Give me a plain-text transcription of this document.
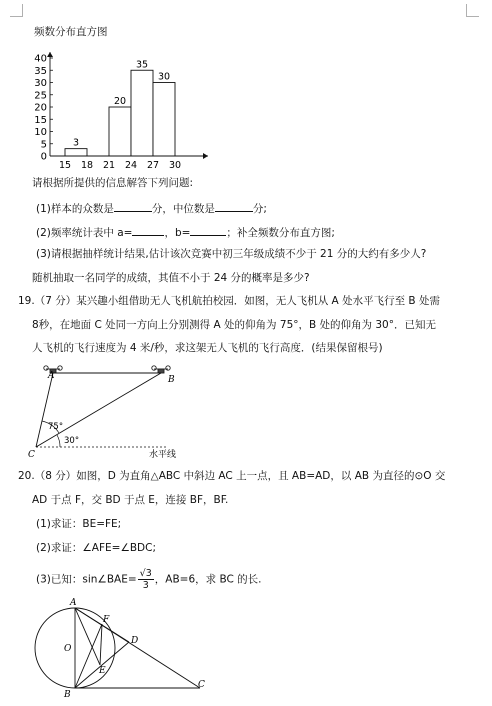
频数分布直方图
0
5
10
15
20
25
30
35
40
3
20
35
30
15 18 21 24 27 30
请根据所提供的信息解答下列问题:
(1)样本的众数是	分，中位数是	分;
(2)频率统计表中 a=	，b=	；补全频数分布直方图;
(3)请根据抽样统计结果,估计该次竞赛中初三年级成绩不少于 21 分的大约有多少人?
随机抽取一名同学的成绩，其值不小于 24 分的概率是多少?
19.（7 分）某兴趣小组借助无人飞机航拍校园．如图，无人飞机从 A 处水平飞行至 B 处需
8秒，在地面 C 处同一方向上分别测得 A 处的仰角为 75°，B 处的仰角为 30°．已知无
人飞机的飞行速度为 4 米/秒，求这架无人飞机的飞行高度．(结果保留根号)
A	B
C
75°
30°
水平线
20.（8 分）如图，D 为直角△ABC 中斜边 AC 上一点，且 AB=AD，以 AB 为直径的⊙O 交
AD 于点 F，交 BD 于点 E，连接 BF，BF.
(1)求证：BE=FE;
(2)求证：∠AFE=∠BDC;
(3)已知：sin∠BAE= $\frac{√3}{3}$ ，AB=6，求 BC 的长.
A
B
C
D
E
F
O
